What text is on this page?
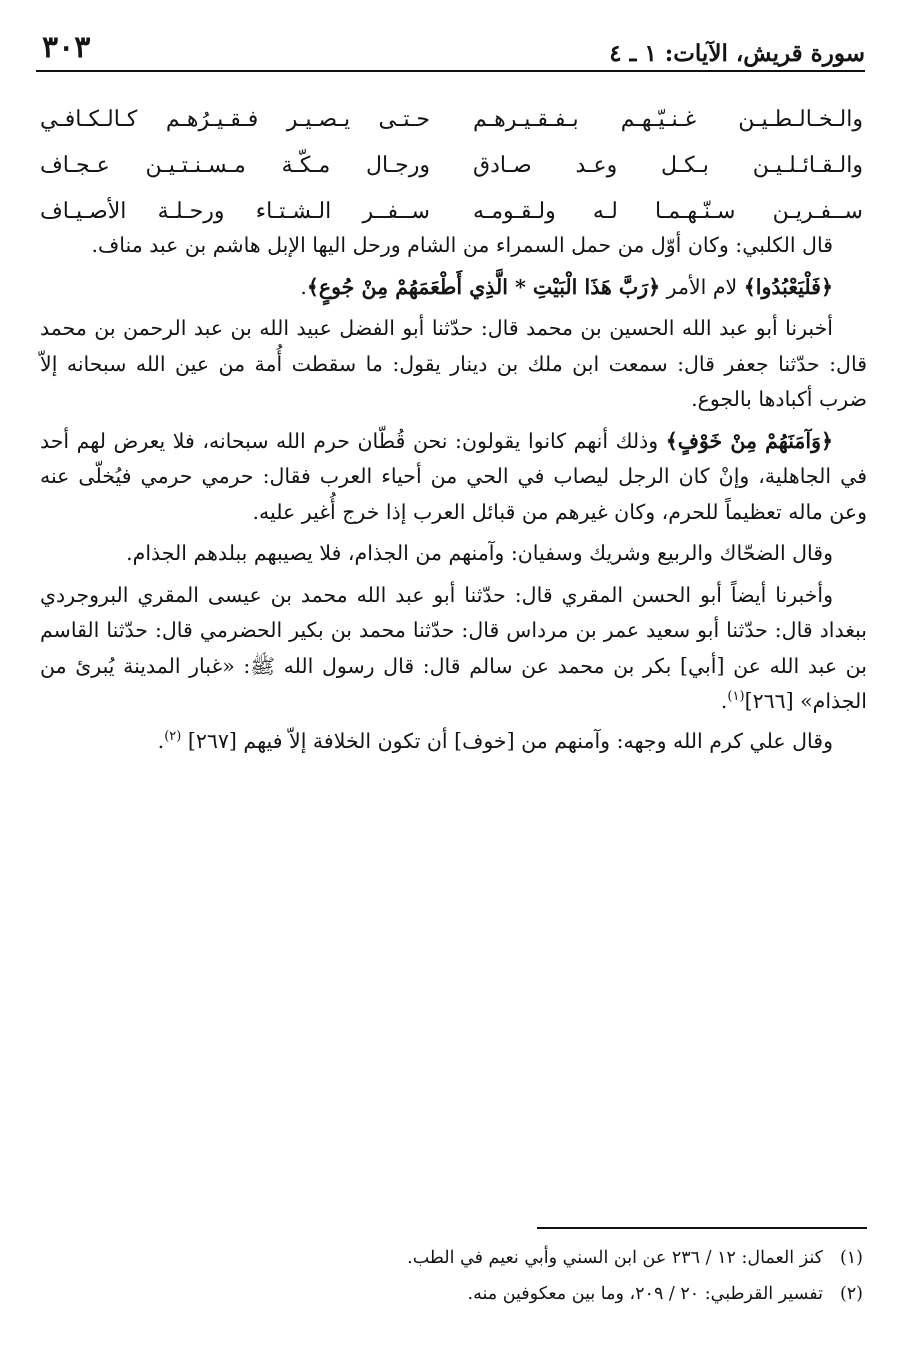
سورة قريش، الآيات: ١ ـ ٤
٣٠٣
والـخـالـطـيـن غـنـيّـهـم بـفـقـيـرهـم
حـتـى يـصـيـر فـقـيـرُهـم كـالـكـافـي
والـقـائـلـيـن بـكـل وعـد صـادق
ورجـال مـكّـة مـسـنـتـيـن عـجـاف
ســفـريـن سـنّـهـمـا لـه ولـقـومـه
ســفــر الـشـتـاء ورحـلـة الأصـيـاف

قال الكلبي: وكان أوّل من حمل السمراء من الشام ورحل اليها الإبل هاشم بن عبد مناف.

﴿فَلْيَعْبُدُوا﴾ لام الأمر ﴿رَبَّ هَذَا الْبَيْتِ * الَّذِي أَطْعَمَهُمْ مِنْ جُوعٍ﴾.

أخبرنا أبو عبد الله الحسين بن محمد قال: حدّثنا أبو الفضل عبيد الله بن عبد الرحمن بن محمد قال: حدّثنا جعفر قال: سمعت ابن ملك بن دينار يقول: ما سقطت أُمة من عين الله سبحانه إلاّ ضرب أكبادها بالجوع.

﴿وَآمَنَهُمْ مِنْ خَوْفٍ﴾ وذلك أنهم كانوا يقولون: نحن قُطّان حرم الله سبحانه، فلا يعرض لهم أحد في الجاهلية، وإنْ كان الرجل ليصاب في الحي من أحياء العرب فقال: حرمي حرمي فيُخلّى عنه وعن ماله تعظيماً للحرم، وكان غيرهم من قبائل العرب إذا خرج أُغير عليه.

وقال الضحّاك والربيع وشريك وسفيان: وآمنهم من الجذام، فلا يصيبهم ببلدهم الجذام.

وأخبرنا أيضاً أبو الحسن المقري قال: حدّثنا أبو عبد الله محمد بن عيسى المقري البروجردي ببغداد قال: حدّثنا أبو سعيد عمر بن مرداس قال: حدّثنا محمد بن بكير الحضرمي قال: حدّثنا القاسم بن عبد الله عن [أبي] بكر بن محمد عن سالم قال: قال رسول الله ﷺ: «غبار المدينة يُبرئ من الجذام» [٢٦٦]$^{(١)}$.

وقال علي كرم الله وجهه: وآمنهم من [خوف] أن تكون الخلافة إلاّ فيهم [٢٦٧] $^{(٢)}$.

(١)كنز العمال: ١٢ / ٢٣٦ عن ابن السني وأبي نعيم في الطب.
(٢)تفسير القرطبي: ٢٠ / ٢٠٩، وما بين معكوفين منه.
